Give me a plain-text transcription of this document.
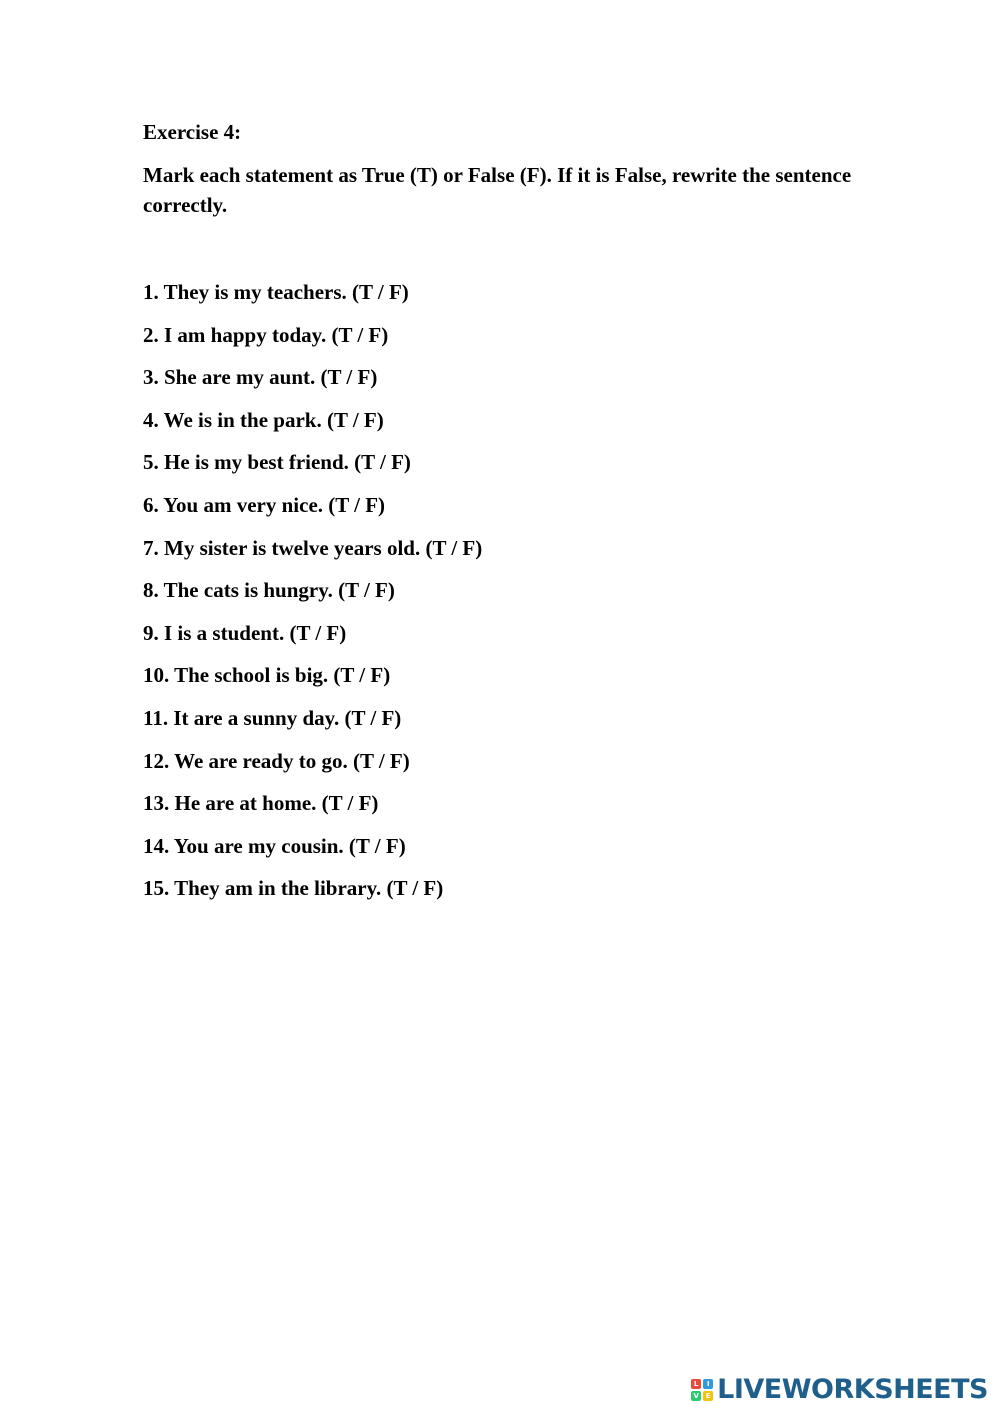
Exercise 4:

Mark each statement as True (T) or False (F). If it is False, rewrite the sentence correctly.

1. They is my teachers. (T / F)
2. I am happy today. (T / F)
3. She are my aunt. (T / F)
4. We is in the park. (T / F)
5. He is my best friend. (T / F)
6. You am very nice. (T / F)
7. My sister is twelve years old. (T / F)
8. The cats is hungry. (T / F)
9. I is a student. (T / F)
10. The school is big. (T / F)
11. It are a sunny day. (T / F)
12. We are ready to go. (T / F)
13. He are at home. (T / F)
14. You are my cousin. (T / F)
15. They am in the library. (T / F)
L	I
V E LIVEWORKSHEETS
